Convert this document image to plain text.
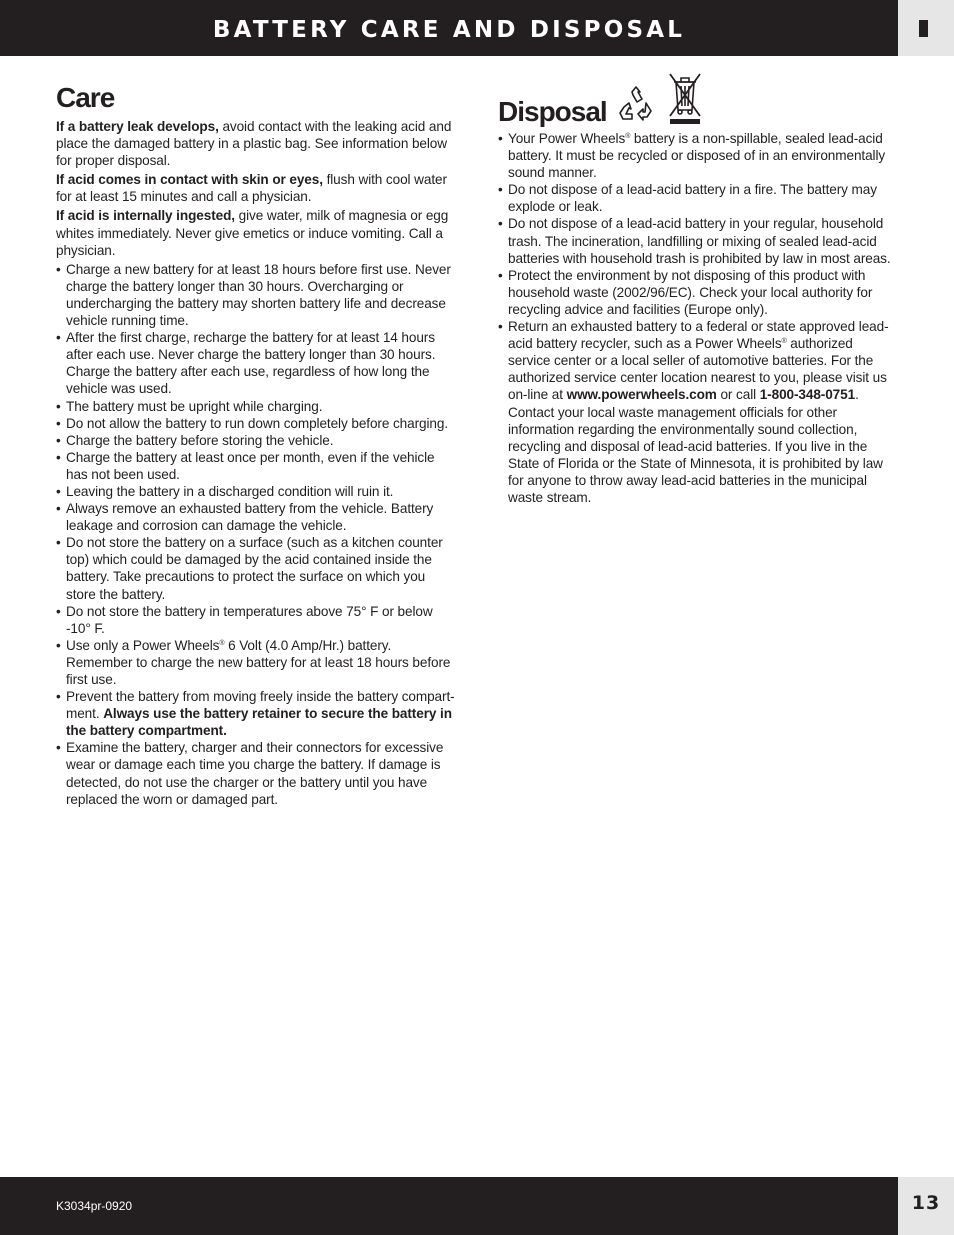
BATTERY CARE AND DISPOSAL
Care

If a battery leak develops, avoid contact with the leaking acid and place the damaged battery in a plastic bag. See information below for proper disposal.

If acid comes in contact with skin or eyes, flush with cool water for at least 15 minutes and call a physician.

If acid is internally ingested, give water, milk of magnesia or egg whites immediately. Never give emetics or induce vomiting. Call a physician.

• Charge a new battery for at least 18 hours before first use. Never charge the battery longer than 30 hours. Overcharging or undercharging the battery may shorten battery life and decrease vehicle running time.
• After the first charge, recharge the battery for at least 14 hours after each use. Never charge the battery longer than 30 hours. Charge the battery after each use, regardless of how long the vehicle was used.
• The battery must be upright while charging.
• Do not allow the battery to run down completely before charging.
• Charge the battery before storing the vehicle.
• Charge the battery at least once per month, even if the vehicle has not been used.
• Leaving the battery in a discharged condition will ruin it.
• Always remove an exhausted battery from the vehicle. Battery leakage and corrosion can damage the vehicle.
• Do not store the battery on a surface (such as a kitchen counter top) which could be damaged by the acid contained inside the battery. Take precautions to protect the surface on which you store the battery.
• Do not store the battery in temperatures above 75° F or below -10° F.
• Use only a Power Wheels® 6 Volt (4.0 Amp/Hr.) battery. Remember to charge the new battery for at least 18 hours before first use.
• Prevent the battery from moving freely inside the battery compart-ment. Always use the battery retainer to secure the battery in the battery compartment.
• Examine the battery, charger and their connectors for excessive wear or damage each time you charge the battery. If damage is detected, do not use the charger or the battery until you have replaced the worn or damaged part.
Disposal
• Your Power Wheels® battery is a non-spillable, sealed lead-acid battery. It must be recycled or disposed of in an environmentally sound manner.
• Do not dispose of a lead-acid battery in a fire. The battery may explode or leak.
• Do not dispose of a lead-acid battery in your regular, household trash. The incineration, landfilling or mixing of sealed lead-acid batteries with household trash is prohibited by law in most areas.
• Protect the environment by not disposing of this product with household waste (2002/96/EC). Check your local authority for recycling advice and facilities (Europe only).
• Return an exhausted battery to a federal or state approved lead-acid battery recycler, such as a Power Wheels® authorized service center or a local seller of automotive batteries. For the authorized service center location nearest to you, please visit us on-line at www.powerwheels.com or call 1-800-348-0751. Contact your local waste management officials for other information regarding the environmentally sound collection, recycling and disposal of lead-acid batteries. If you live in the State of Florida or the State of Minnesota, it is prohibited by law for anyone to throw away lead-acid batteries in the municipal waste stream.
K3034pr-0920	13
